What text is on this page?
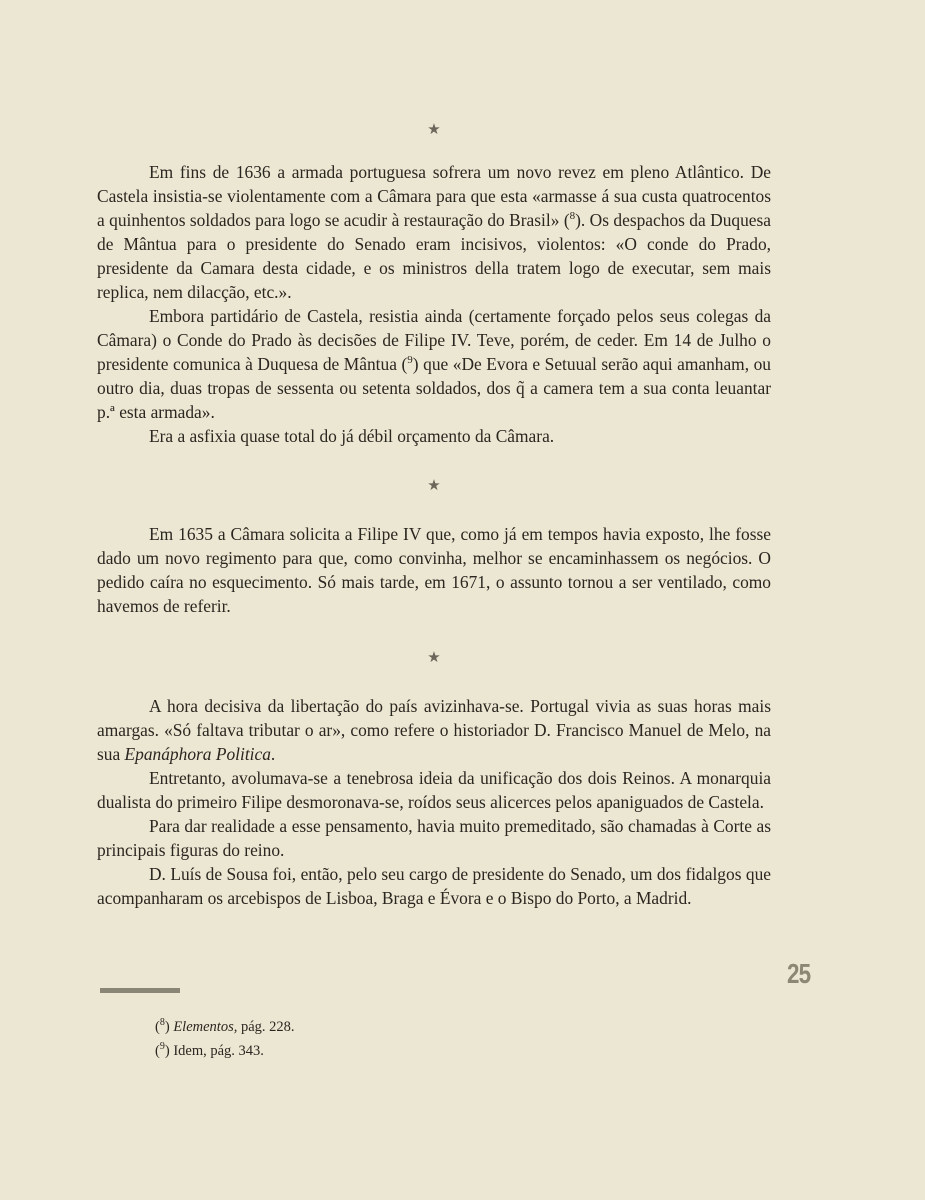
★

Em fins de 1636 a armada portuguesa sofrera um novo revez em pleno Atlântico. De Castela insistia-se violentamente com a Câmara para que esta «armasse á sua custa quatrocentos a quinhentos soldados para logo se acudir à restauração do Brasil» ($^8$). Os despachos da Duquesa de Mântua para o presidente do Senado eram incisivos, violentos: «O conde do Prado, presidente da Camara desta cidade, e os ministros della tratem logo de executar, sem mais replica, nem dilacção, etc.».

Embora partidário de Castela, resistia ainda (certamente forçado pelos seus colegas da Câmara) o Conde do Prado às decisões de Filipe IV. Teve, porém, de ceder. Em 14 de Julho o presidente comunica à Duquesa de Mântua ($^9$) que «De Evora e Setuual serão aqui amanham, ou outro dia, duas tropas de sessenta ou setenta soldados, dos q̃ a camera tem a sua conta leuantar p.ª esta armada».

Era a asfixia quase total do já débil orçamento da Câmara.

★

Em 1635 a Câmara solicita a Filipe IV que, como já em tempos havia exposto, lhe fosse dado um novo regimento para que, como convinha, melhor se encaminhassem os negócios. O pedido caíra no esquecimento. Só mais tarde, em 1671, o assunto tornou a ser ventilado, como havemos de referir.

★

A hora decisiva da libertação do país avizinhava-se. Portugal vivia as suas horas mais amargas. «Só faltava tributar o ar», como refere o historiador D. Francisco Manuel de Melo, na sua Epanáphora Politica.

Entretanto, avolumava-se a tenebrosa ideia da unificação dos dois Reinos. A monarquia dualista do primeiro Filipe desmoronava-se, roídos seus alicerces pelos apaniguados de Castela.

Para dar realidade a esse pensamento, havia muito premeditado, são chamadas à Corte as principais figuras do reino.

D. Luís de Sousa foi, então, pelo seu cargo de presidente do Senado, um dos fidalgos que acompanharam os arcebispos de Lisboa, Braga e Évora e o Bispo do Porto, a Madrid.

25
($^8$) Elementos, pág. 228.
($^9$) Idem, pág. 343.
